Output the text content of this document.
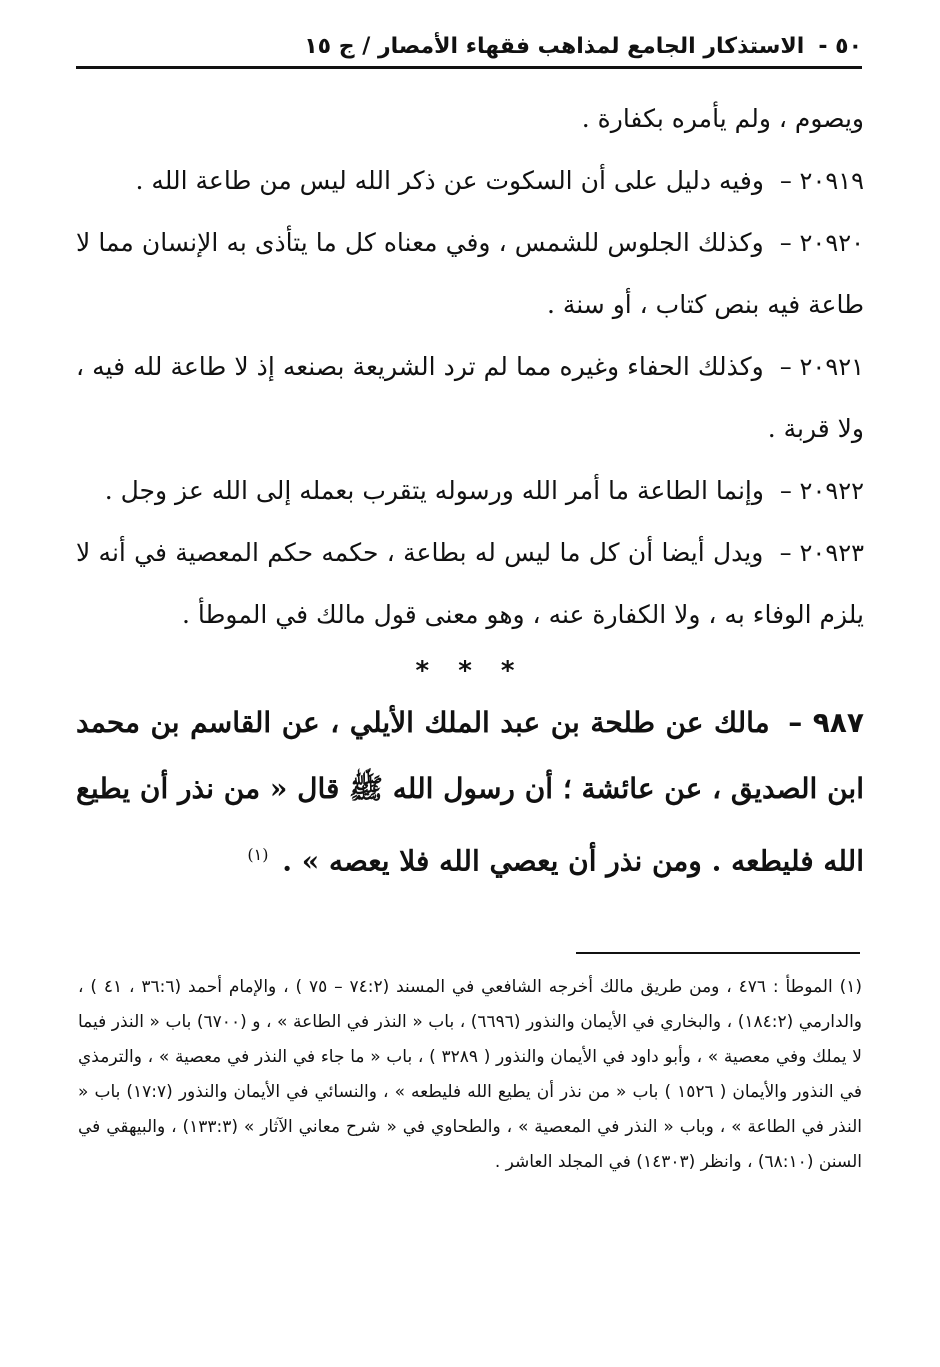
٥٠ -
الاستذكار الجامع لمذاهب فقهاء الأمصار / ج ١٥

ويصوم ، ولم يأمره بكفارة .

٢٠٩١٩ – وفيه دليل على أن السكوت عن ذكر الله ليس من طاعة الله .

٢٠٩٢٠ – وكذلك الجلوس للشمس ، وفي معناه كل ما يتأذى به الإنسان مما لا طاعة فيه بنص كتاب ، أو سنة .

٢٠٩٢١ – وكذلك الحفاء وغيره مما لم ترد الشريعة بصنعه إذ لا طاعة لله فيه ، ولا قربة .

٢٠٩٢٢ – وإنما الطاعة ما أمر الله ورسوله يتقرب بعمله إلى الله عز وجل .

٢٠٩٢٣ – ويدل أيضا أن كل ما ليس له بطاعة ، حكمه حكم المعصية في أنه لا يلزم الوفاء به ، ولا الكفارة عنه ، وهو معنى قول مالك في الموطأ .

* * *

٩٨٧ – مالك عن طلحة بن عبد الملك الأيلي ، عن القاسم بن محمد ابن الصديق ، عن عائشة ؛ أن رسول الله ﷺ قال « من نذر أن يطيع الله فليطعه . ومن نذر أن يعصي الله فلا يعصه » . $^{(١)}$

(١) الموطأ : ٤٧٦ ، ومن طريق مالك أخرجه الشافعي في المسند (٧٤:٢ – ٧٥ ) ، والإمام أحمد (٣٦:٦ ، ٤١ ) ، والدارمي (١٨٤:٢) ، والبخاري في الأيمان والنذور (٦٦٩٦) ، باب « النذر في الطاعة » ، و (٦٧٠٠) باب « النذر فيما لا يملك وفي معصية » ، وأبو داود في الأيمان والنذور ( ٣٢٨٩ ) ، باب « ما جاء في النذر في معصية » ، والترمذي في النذور والأيمان ( ١٥٢٦ ) باب « من نذر أن يطيع الله فليطعه » ، والنسائي في الأيمان والنذور (١٧:٧) باب « النذر في الطاعة » ، وباب « النذر في المعصية » ، والطحاوي في « شرح معاني الآثار » (١٣٣:٣) ، والبيهقي في السنن (٦٨:١٠) ، وانظر (١٤٣٠٣) في المجلد العاشر .
